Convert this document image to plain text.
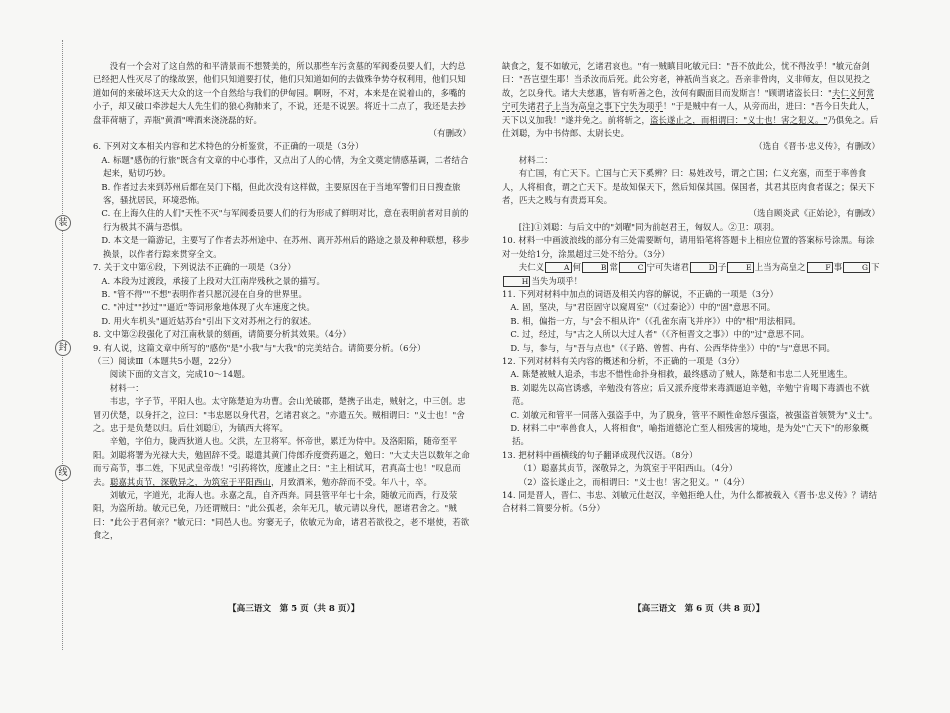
装
封
线

没有一个会对了这自然的和平清景而不想赞美的，所以那些车污贪墓的军阀委员要人们，大约总已经把人性灭尽了的缘故罢，他们只知道要打仗，他们只知道如何的去做殊争势夺权利用，他们只知道如何的来破坏这天大众的这一个自然给与我们的伊甸园。啊呀，不对，本来是在说着山的，多嘴的小子，却又破口牵涉起大人先生们的狼心狗肺来了，不说，还是不说罢。将近十二点了，我还是去抄盘菲荷塘了，弄瓶"黄酒"啤酒来浇浇磊的好。

（有删改）

6. 下列对文本相关内容和艺术特色的分析鉴赏，不正确的一项是（3分）

A. 标题"感伤的行旅"既含有文章的中心事件，又点出了人的心情，为全文奠定情感基调，二者结合起来，贴切巧妙。

B. 作者过去来到苏州后都在吴门下榻，但此次没有这样做，主要原因在于当地军警们日日搜查旅客，骚扰居民，环境恐怖。

C. 在上海久住的人们"天性不灭"与军阀委员要人们的行为形成了鲜明对比，意在表明前者对目前的行为极其不满与恐惧。

D. 本文是一篇游记，主要写了作者去苏州途中、在苏州、离开苏州后的路途之景及种种联想，移步换景，以作者行踪来贯穿全文。

7. 关于文中第⑥段，下列说法不正确的一项是（3分）

A. 本段为过渡段，承接了上段对大江南岸残秋之景的描写。

B. "管不得""不想"表明作者只愿沉浸在自身的世界里。

C. "冲过""抄过""逼近"等词形象地体现了火车速度之快。

D. 用火车机头"逼近姑苏台"引出下文对苏州之行的叙述。

8. 文中第②段强化了对江南秋景的刻画，请简要分析其效果。（4分）

9. 有人说，这篇文章中所写的"感伤"是"小我"与"大我"的完美结合。请简要分析。（6分）

（三）阅读Ⅲ（本题共5小题，22分）

阅读下面的文言文，完成10～14题。

材料一：

韦忠，字子节，平阳人也。太守陈楚迫为功曹。会山羌破郡，楚携子出走，贼射之，中三创。忠冒刃伏楚，以身扞之，泣曰："韦忠愿以身代君，乞诸君哀之。"亦遣五矢。贼相谓曰："义士也！"舍之。忠于是负楚以归。后仕刘聪①，为镇西大将军。

辛勉，字伯力，陇西狄道人也。父洪，左卫将军。怀帝世，累迁为侍中。及洛阳陷，随帝至平阳。刘聪将署为光禄大夫，勉固辞不受。聪遣其黄门侍郎乔度赍药逼之，勉曰："大丈夫岂以数年之命而亏高节，事二姓，下见武皇帝哉！"引药将饮，度遽止之曰："主上相试耳，君真高士也！"叹息而去。聪嘉其贞节，深敬异之，为筑室于平阳西山，月致酒米，勉亦辞而不受。年八十，卒。

刘敏元，字道光，北海人也。永嘉之乱，自齐西奔。同县管平年七十余，随敏元而西，行及荥阳，为盗所劫。敏元已免，乃还谓贼曰："此公孤老，余年无几，敏元请以身代，愿诸君舍之。"贼曰："此公于君何亲？"敏元曰："同邑人也。穷窭无子，依敏元为命，诸君若欲役之，老不堪使，若欲食之，

缺食之，复不如敏元，乞诸君哀也。"有一贼瞋目叱敏元曰："吾不放此公，忧不得汝乎！"敏元奋剑曰："吾岂望生耶！当杀汝而后死。此公穷老，神祇尚当哀之。吾亲非骨肉，义非师友，但以见投之故，乞以身代。诸大夫慈惠，皆有听善之色，汝何有靦面目而发斯言！"顾谓诸盗长曰："夫仁义何常宁可失诸君子上当为高皇之事下宁失为项乎！"于是贼中有一人，从旁而出，进曰："吾今日失此人，天下以义加我！"遂并免之。前将斩之，盗长遂止之，而相谓曰："义士也！害之犯义。"乃俱免之。后仕刘聪，为中书侍郎、太尉长史。

（选自《晋书·忠义传》，有删改）

材料二：

有亡国，有亡天下。亡国与亡天下奚辨？曰：易姓改号，谓之亡国；仁义充塞，而至于率兽食人，人将相食，谓之亡天下。是故知保天下，然后知保其国。保国者，其君其臣肉食者谋之；保天下者，匹夫之贱与有责焉耳矣。

（选自顾炎武《正始论》，有删改）

[注]①刘聪：与后文中的"刘曜"同为前赵君王，匈奴人。②卫：项羽。

10. 材料一中画波浪线的部分有三处需要断句，请用铅笔将答题卡上相应位置的答案标号涂黑。每涂对一处给1分，涂黑超过三处不给分。（3分）

夫仁义	A 何	B 常	C 宁可失诸君	D 子	E 上当为高皇之	F 事	G 下H 当失为项乎！

11. 下列对材料中加点的词语及相关内容的解说，不正确的一项是（3分）

A. 固，坚决，与"君臣固守以窥周室"（《过秦论》）中的"固"意思不同。

B. 相，偏指一方，与"会不相从许"（《孔雀东南飞并序》）中的"相"用法相同。

C. 过，经过，与"古之人所以大过人者"（《齐桓晋文之事》）中的"过"意思不同。

D. 与，参与，与"吾与点也"（《子路、曾皙、冉有、公西华侍坐》）中的"与"意思不同。

12. 下列对材料有关内容的概述和分析，不正确的一项是（3分）

A. 陈楚被贼人追杀，韦忠不惜性命扑身相救，最终感动了贼人，陈楚和韦忠二人死里逃生。

B. 刘聪先以高官诱惑，辛勉没有答应；后又派乔度带来毒酒逼迫辛勉，辛勉宁肯喝下毒酒也不就范。

C. 刘敏元和管平一同落入强盗手中，为了脱身，管平不顾性命怒斥强盗，被强盗首领赞为"义士"。

D. 材料二中"率兽食人，人将相食"，喻指道德沦亡至人相残害的境地，是为处"亡天下"的形象概括。

13. 把材料中画横线的句子翻译成现代汉语。（8分）

（1）聪嘉其贞节，深敬异之，为筑室于平阳西山。（4分）

（2）盗长遂止之，而相谓曰："义士也！害之犯义。"（4分）

14. 同是晋人，晋仁、韦忠、刘敏元仕赵汉，辛勉拒绝人仕，为什么都被载入《晋书·忠义传》？请结合材料二简要分析。（5分）

【高三语文　第 5 页（共 8 页）】	【高三语文　第 6 页（共 8 页）】
